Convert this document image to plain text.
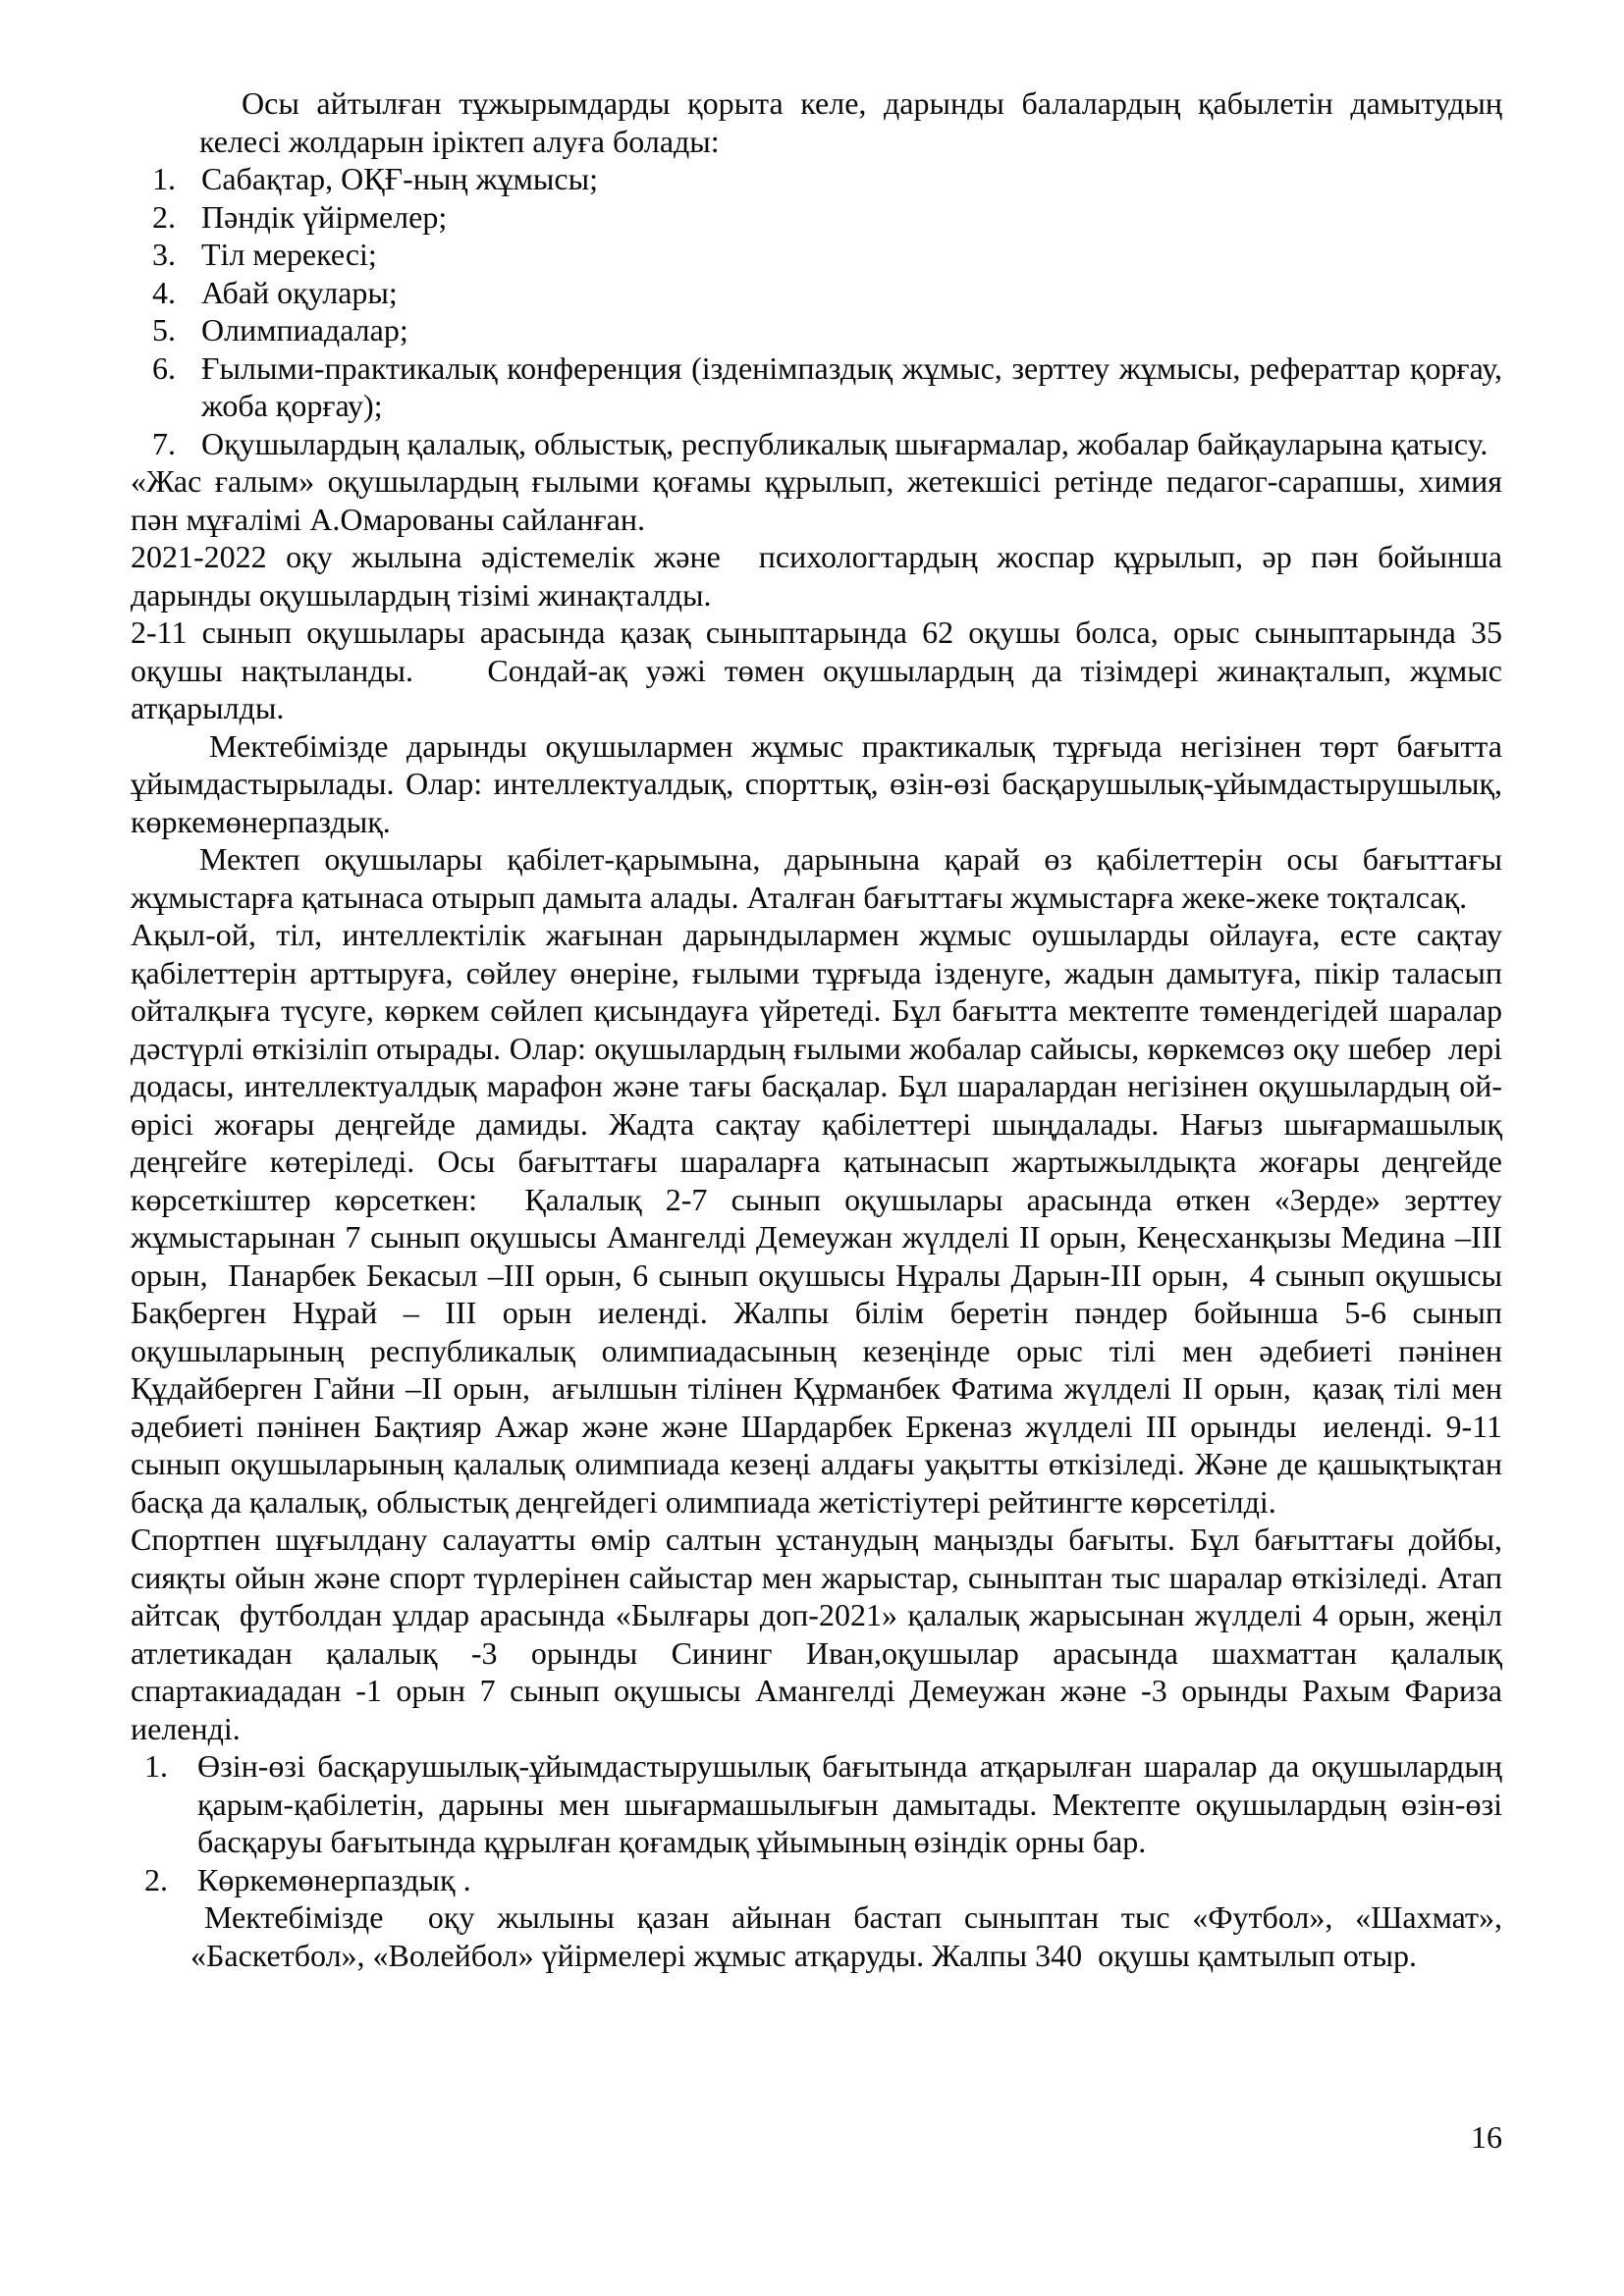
Осы айтылған тұжырымдарды қорыта келе, дарынды балалардың қабылетін дамытудың келесі жолдарын іріктеп алуға болады:

1. Сабақтар, ОҚҒ-ның жұмысы;
2. Пәндік үйірмелер;
3. Тіл мерекесі;
4. Абай оқулары;
5. Олимпиадалар;
6. Ғылыми-практикалық конференция (ізденімпаздық жұмыс, зерттеу жұмысы, рефераттар қорғау, жоба қорғау);
7. Оқушылардың қалалық, облыстық, республикалық шығармалар, жобалар байқауларына қатысу.

«Жас ғалым» оқушылардың ғылыми қоғамы құрылып, жетекшісі ретінде педагог-сарапшы, химия пән мұғалімі А.Омарованы сайланған.

2021-2022 оқу жылына әдістемелік және  психологтардың жоспар құрылып, әр пән бойынша дарынды оқушылардың тізімі жинақталды.

2-11 сынып оқушылары арасында қазақ сыныптарында 62 оқушы болса, орыс сыныптарында 35 оқушы нақтыланды.    Сондай-ақ уәжі төмен оқушылардың да тізімдері жинақталып, жұмыс атқарылды.

Мектебімізде дарынды оқушылармен жұмыс практикалық тұрғыда негізінен төрт бағытта ұйымдастырылады. Олар: интеллектуалдық, спорттық, өзін-өзі басқарушылық-ұйымдастырушылық, көркемөнерпаздық.

Мектеп оқушылары қабілет-қарымына, дарынына қарай өз қабілеттерін осы бағыттағы жұмыстарға қатынаса отырып дамыта алады. Аталған бағыттағы жұмыстарға жеке-жеке тоқталсақ.

Ақыл-ой, тіл, интеллектілік жағынан дарындылармен жұмыс оушыларды ойлауға, есте сақтау қабілеттерін арттыруға, сөйлеу өнеріне, ғылыми тұрғыда ізденуге, жадын дамытуға, пікір таласып ойталқыға түсуге, көркем сөйлеп қисындауға үйретеді. Бұл бағытта мектепте төмендегідей шаралар дәстүрлі өткізіліп отырады. Олар: оқушылардың ғылыми жобалар сайысы, көркемсөз оқу шебер  лері додасы, интеллектуалдық марафон және тағы басқалар. Бұл шаралардан негізінен оқушылардың ой-өрісі жоғары деңгейде дамиды. Жадта сақтау қабілеттері шыңдалады. Нағыз шығармашылық деңгейге көтеріледі. Осы бағыттағы шараларға қатынасып жартыжылдықта жоғары деңгейде көрсеткіштер көрсеткен:  Қалалық 2-7 сынып оқушылары арасында өткен «Зерде» зерттеу жұмыстарынан 7 сынып оқушысы Амангелді Демеужан жүлделі II орын, Кеңесханқызы Медина –III орын,  Панарбек Бекасыл –III орын, 6 сынып оқушысы Нұралы Дарын-III орын,  4 сынып оқушысы Бақберген Нұрай – III орын иеленді. Жалпы білім беретін пәндер бойынша 5-6 сынып оқушыларының республикалық олимпиадасының кезеңінде орыс тілі мен әдебиеті пәнінен Құдайберген Гайни –II орын,  ағылшын тілінен Құрманбек Фатима жүлделі II орын,  қазақ тілі мен әдебиеті пәнінен Бақтияр Ажар және және Шардарбек Еркеназ жүлделі III орынды  иеленді. 9-11 сынып оқушыларының қалалық олимпиада кезеңі алдағы уақытты өткізіледі. Және де қашықтықтан басқа да қалалық, облыстық деңгейдегі олимпиада жетістіутері рейтингте көрсетілді.

Спортпен шұғылдану салауатты өмір салтын ұстанудың маңызды бағыты. Бұл бағыттағы дойбы, сияқты ойын және спорт түрлерінен сайыстар мен жарыстар, сыныптан тыс шаралар өткізіледі. Атап айтсақ  футболдан ұлдар арасында «Былғары доп-2021» қалалық жарысынан жүлделі 4 орын, жеңіл атлетикадан қалалық -3 орынды Сининг Иван,оқушылар арасында шахматтан қалалық спартакиададан -1 орын 7 сынып оқушысы Амангелді Демеужан және -3 орынды Рахым Фариза иеленді.

1. Өзін-өзі басқарушылық-ұйымдастырушылық бағытында атқарылған шаралар да оқушылардың қарым-қабілетін, дарыны мен шығармашылығын дамытады. Мектепте оқушылардың өзін-өзі басқаруы бағытында құрылған қоғамдық ұйымының өзіндік орны бар.
2. Көркемөнерпаздық .

Мектебімізде  оқу жылыны қазан айынан бастап сыныптан тыс «Футбол», «Шахмат», «Баскетбол», «Волейбол» үйірмелері жұмыс атқаруды. Жалпы 340  оқушы қамтылып отыр.

16
